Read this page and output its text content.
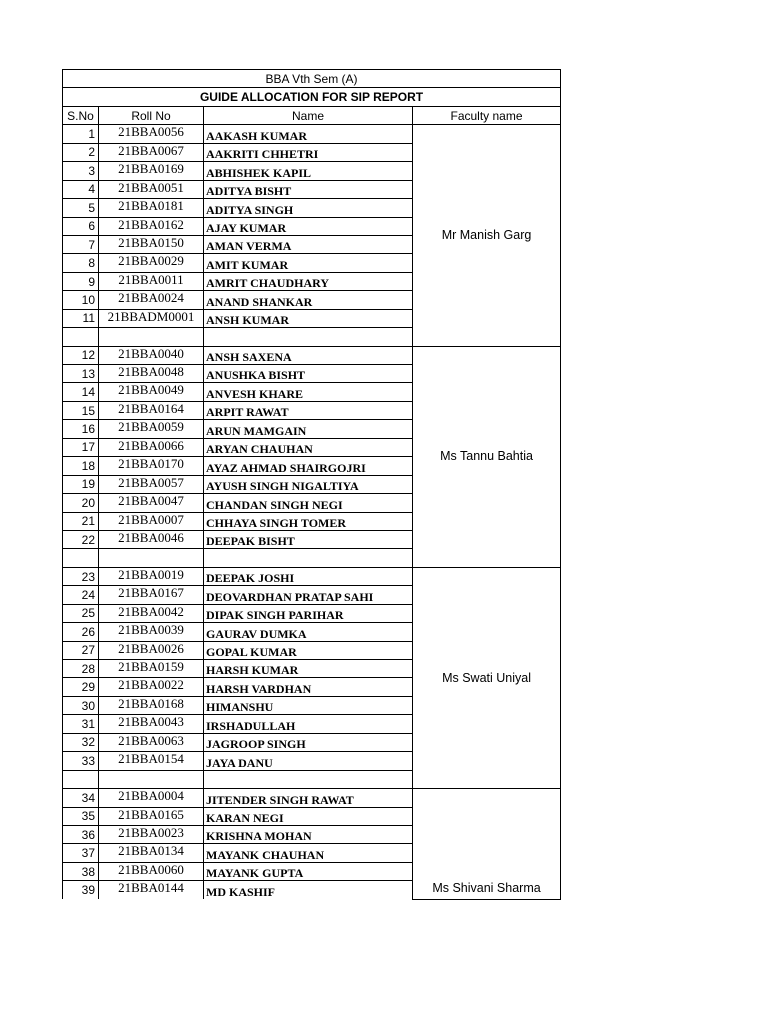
BBA Vth Sem (A)			
GUIDE ALLOCATION FOR SIP REPORT			
S.No	Roll No	Name	Faculty name
1	21BBA0056	AAKASH KUMAR	Mr Manish Garg
2	21BBA0067	AAKRITI CHHETRI	
3	21BBA0169	ABHISHEK KAPIL	
4	21BBA0051	ADITYA BISHT	
5	21BBA0181	ADITYA SINGH	
6	21BBA0162	AJAY KUMAR	
7	21BBA0150	AMAN VERMA	
8	21BBA0029	AMIT KUMAR	
9	21BBA0011	AMRIT CHAUDHARY	
10	21BBA0024	ANAND SHANKAR	
11	21BBADM0001	ANSH KUMAR	

12	21BBA0040	ANSH SAXENA	Ms Tannu Bahtia
13	21BBA0048	ANUSHKA BISHT	
14	21BBA0049	ANVESH KHARE	
15	21BBA0164	ARPIT RAWAT	
16	21BBA0059	ARUN MAMGAIN	
17	21BBA0066	ARYAN CHAUHAN	
18	21BBA0170	AYAZ AHMAD SHAIRGOJRI	
19	21BBA0057	AYUSH SINGH NIGALTIYA	
20	21BBA0047	CHANDAN SINGH NEGI	
21	21BBA0007	CHHAYA SINGH TOMER	
22	21BBA0046	DEEPAK BISHT	

23	21BBA0019	DEEPAK JOSHI	Ms Swati Uniyal
24	21BBA0167	DEOVARDHAN PRATAP SAHI	
25	21BBA0042	DIPAK SINGH PARIHAR	
26	21BBA0039	GAURAV DUMKA	
27	21BBA0026	GOPAL KUMAR	
28	21BBA0159	HARSH KUMAR	
29	21BBA0022	HARSH VARDHAN	
30	21BBA0168	HIMANSHU	
31	21BBA0043	IRSHADULLAH	
32	21BBA0063	JAGROOP SINGH	
33	21BBA0154	JAYA DANU	

34	21BBA0004	JITENDER SINGH RAWAT	Ms Shivani Sharma
35	21BBA0165	KARAN NEGI	
36	21BBA0023	KRISHNA MOHAN	
37	21BBA0134	MAYANK CHAUHAN	
38	21BBA0060	MAYANK GUPTA	
39	21BBA0144	MD KASHIF	
